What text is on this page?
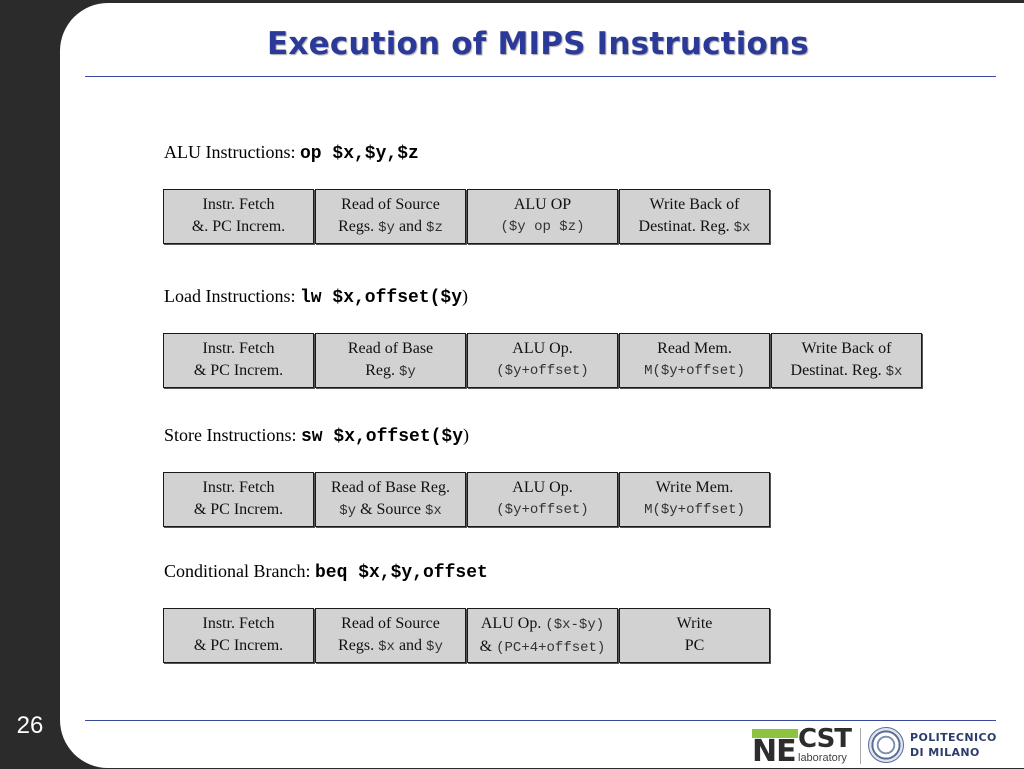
26
Execution of MIPS Instructions
ALU Instructions: op $x,$y,$z
Instr. Fetch
&. PC Increm.
Read of Source
Regs. $y and $z
ALU OP
($y op $z)
Write Back of
Destinat. Reg. $x
Load Instructions: lw $x,offset($y)
Instr. Fetch
& PC Increm.
Read of Base
Reg. $y
ALU Op.
($y+offset)
Read Mem.
M($y+offset)
Write Back of
Destinat. Reg. $x
Store Instructions: sw $x,offset($y)
Instr. Fetch
& PC Increm.
Read of Base Reg.
$y & Source $x
ALU Op.
($y+offset)
Write Mem.
M($y+offset)
Conditional Branch: beq $x,$y,offset
Instr. Fetch
& PC Increm.
Read of Source
Regs. $x and $y
ALU Op. ($x-$y)
& (PC+4+offset)
Write
PC
NE CST
laboratory
POLITECNICO
DI MILANO
